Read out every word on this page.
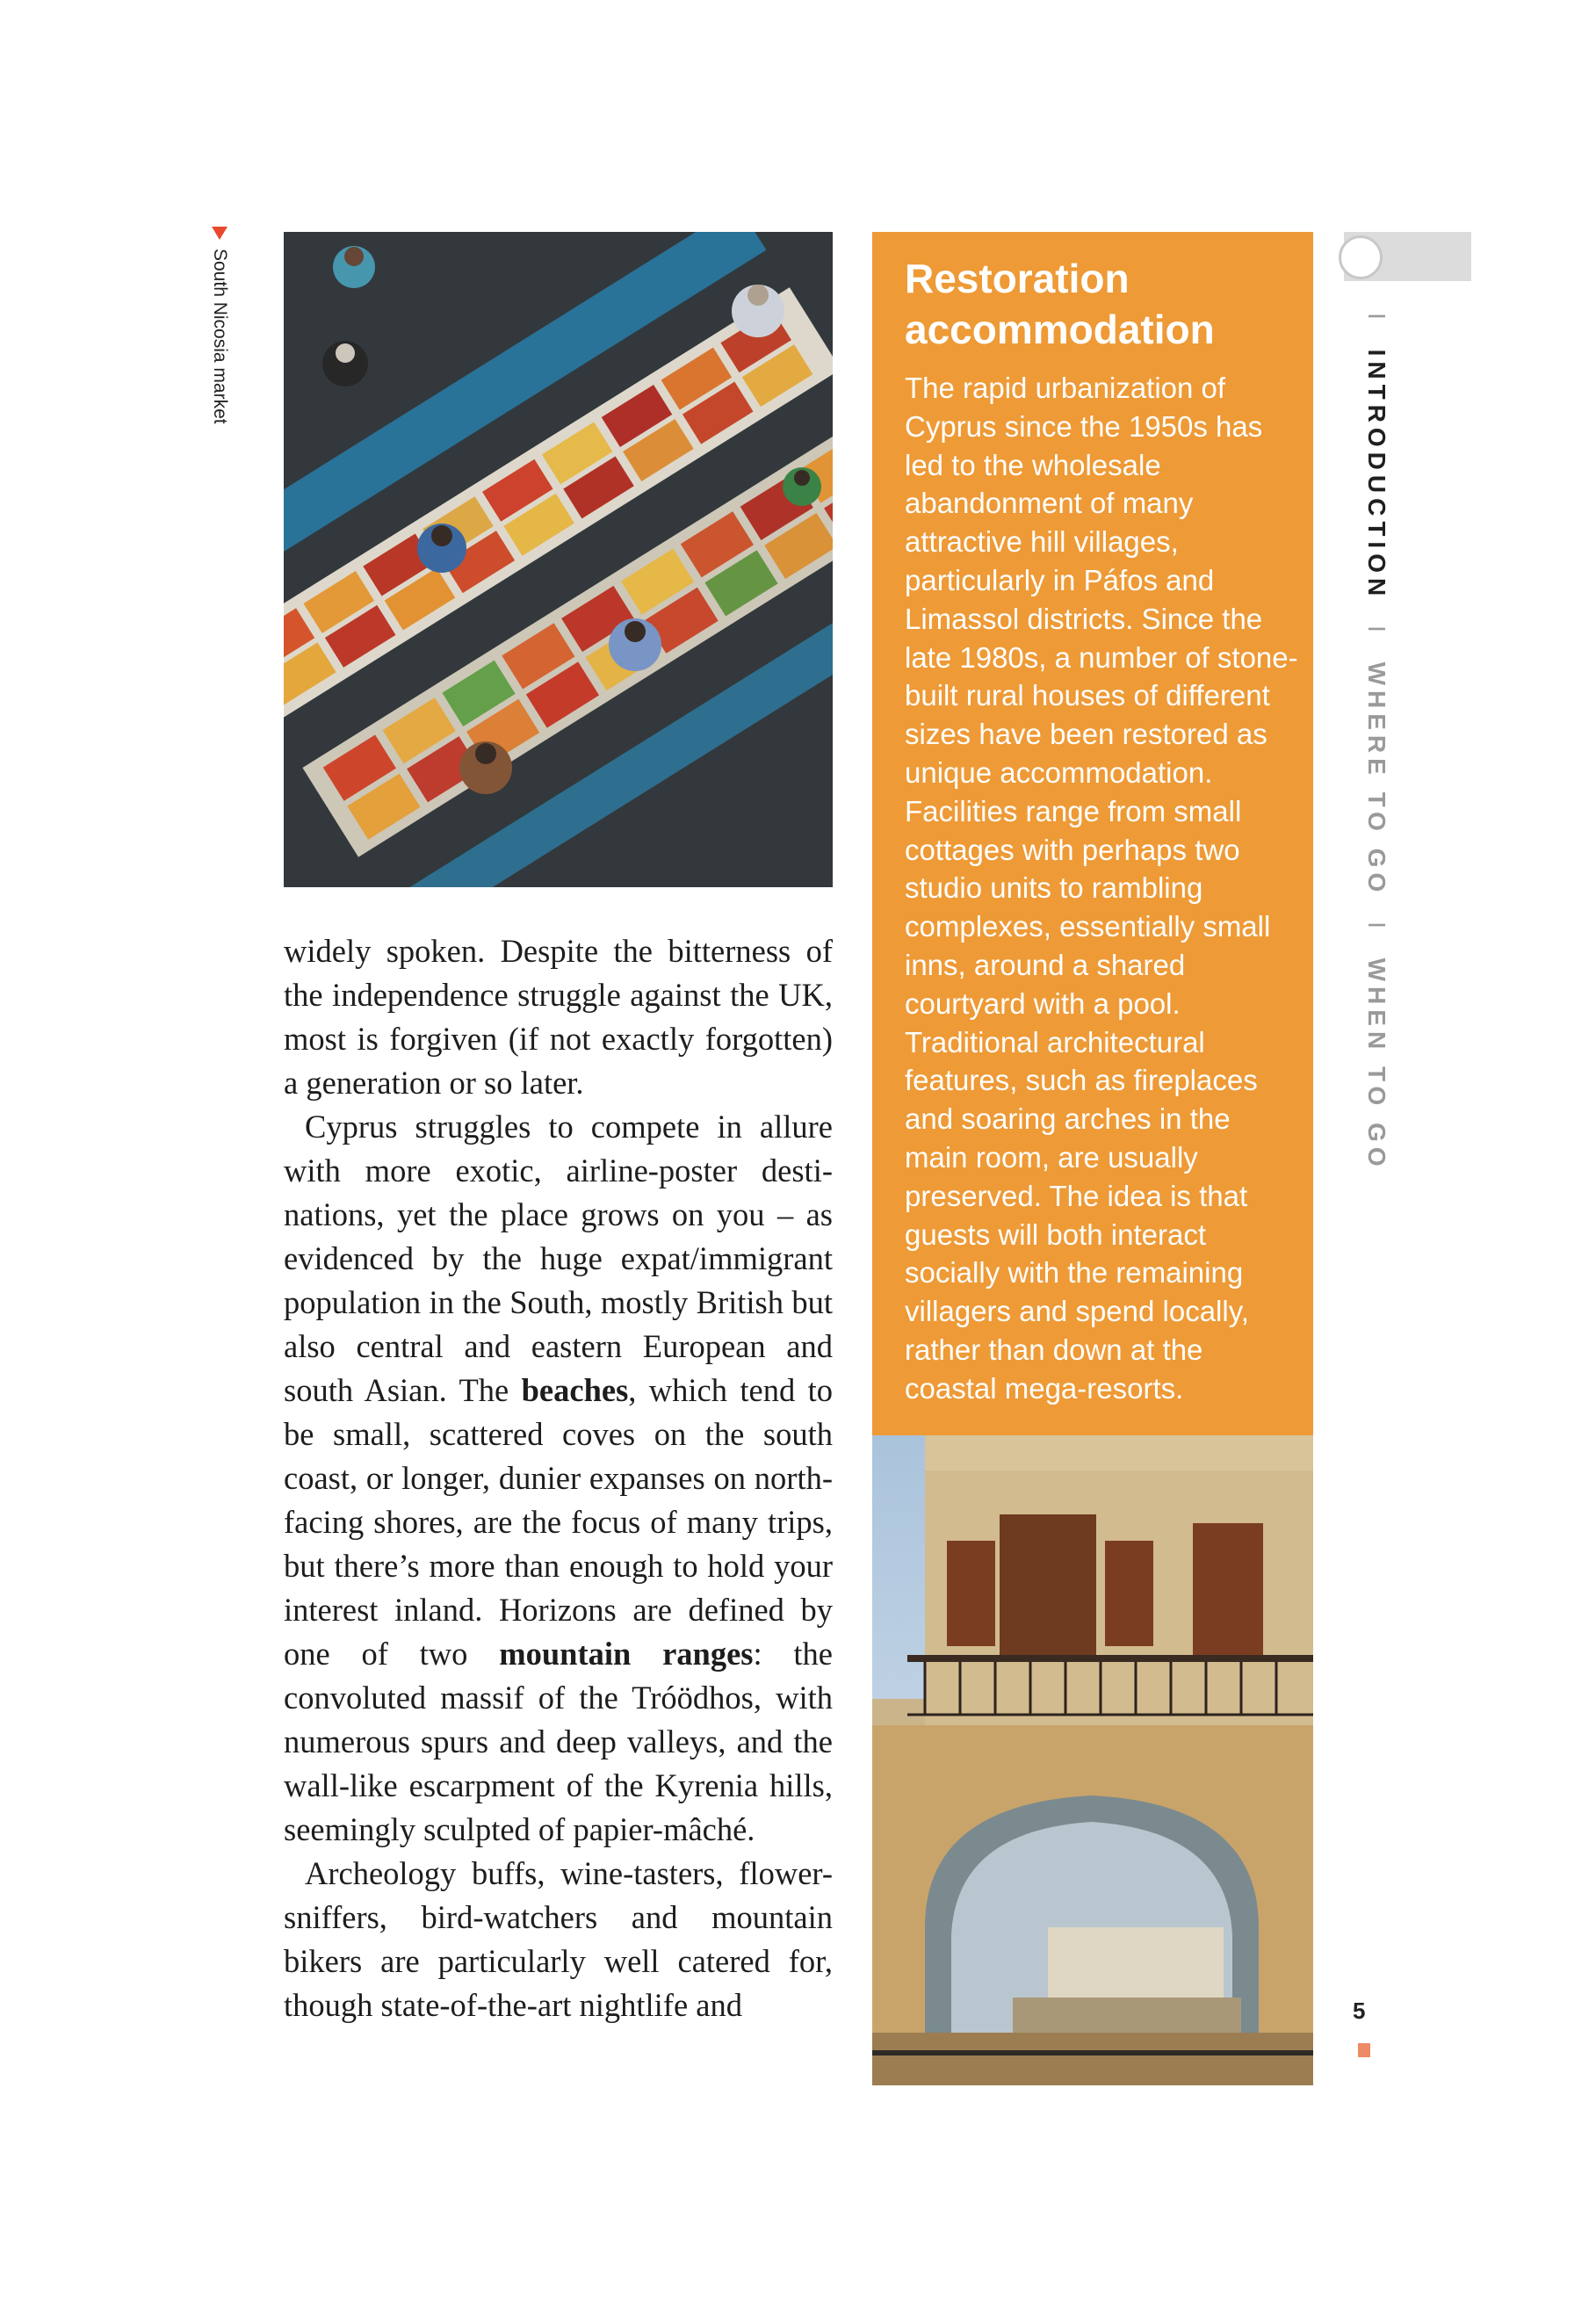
South Nicosia market

widely spoken. Despite the bitterness of the independence struggle against the UK, most is forgiven (if not exactly forgotten) a generation or so later.

Cyprus struggles to compete in allure with more exotic, airline-poster destinations, yet the place grows on you – as evidenced by the huge expat/immigrant population in the South, mostly British but also central and eastern European and south Asian. The beaches, which tend to be small, scattered coves on the south coast, or longer, dunier expanses on north-facing shores, are the focus of many trips, but there’s more than enough to hold your interest inland. Horizons are defined by one of two mountain ranges: the convoluted massif of the Tróödhos, with numerous spurs and deep valleys, and the wall-like escarpment of the Kyrenia hills, seemingly sculpted of papier-mâché.

Archeology buffs, wine-tasters, flower-sniffers, bird-watchers and mountain bikers are particularly well catered for, though state-of-the-art nightlife and

Restoration accommodation

The rapid urbanization of Cyprus since the 1950s has led to the wholesale abandonment of many attractive hill villages, particularly in Páfos and Limassol districts. Since the late 1980s, a number of stone-built rural houses of different sizes have been restored as unique accommodation. Facilities range from small cottages with perhaps two studio units to rambling complexes, essentially small inns, around a shared courtyard with a pool. Traditional architectural features, such as fireplaces and soaring arches in the main room, are usually preserved. The idea is that guests will both interact socially with the remaining villagers and spend locally, rather than down at the coastal mega-resorts.

I INTRODUCTION I WHERE TO GO I WHEN TO GO
5
